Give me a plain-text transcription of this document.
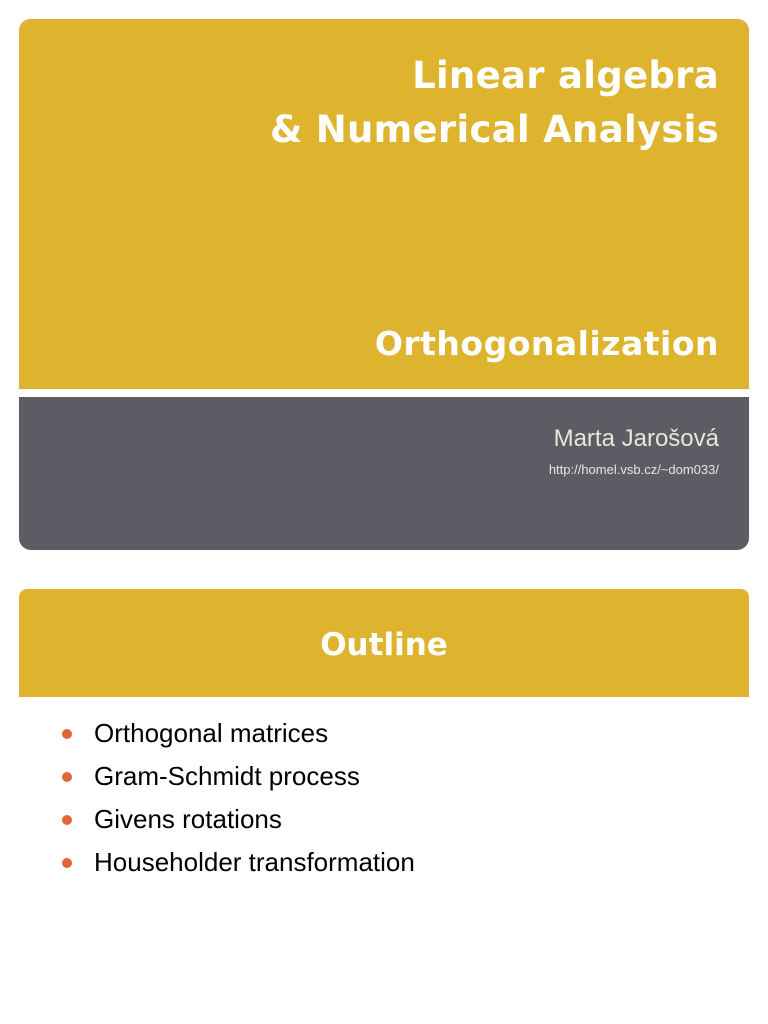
Linear algebra
& Numerical Analysis
Orthogonalization
Marta Jarošová
http://homel.vsb.cz/~dom033/
Outline
Orthogonal matrices
Gram-Schmidt process
Givens rotations
Householder transformation
